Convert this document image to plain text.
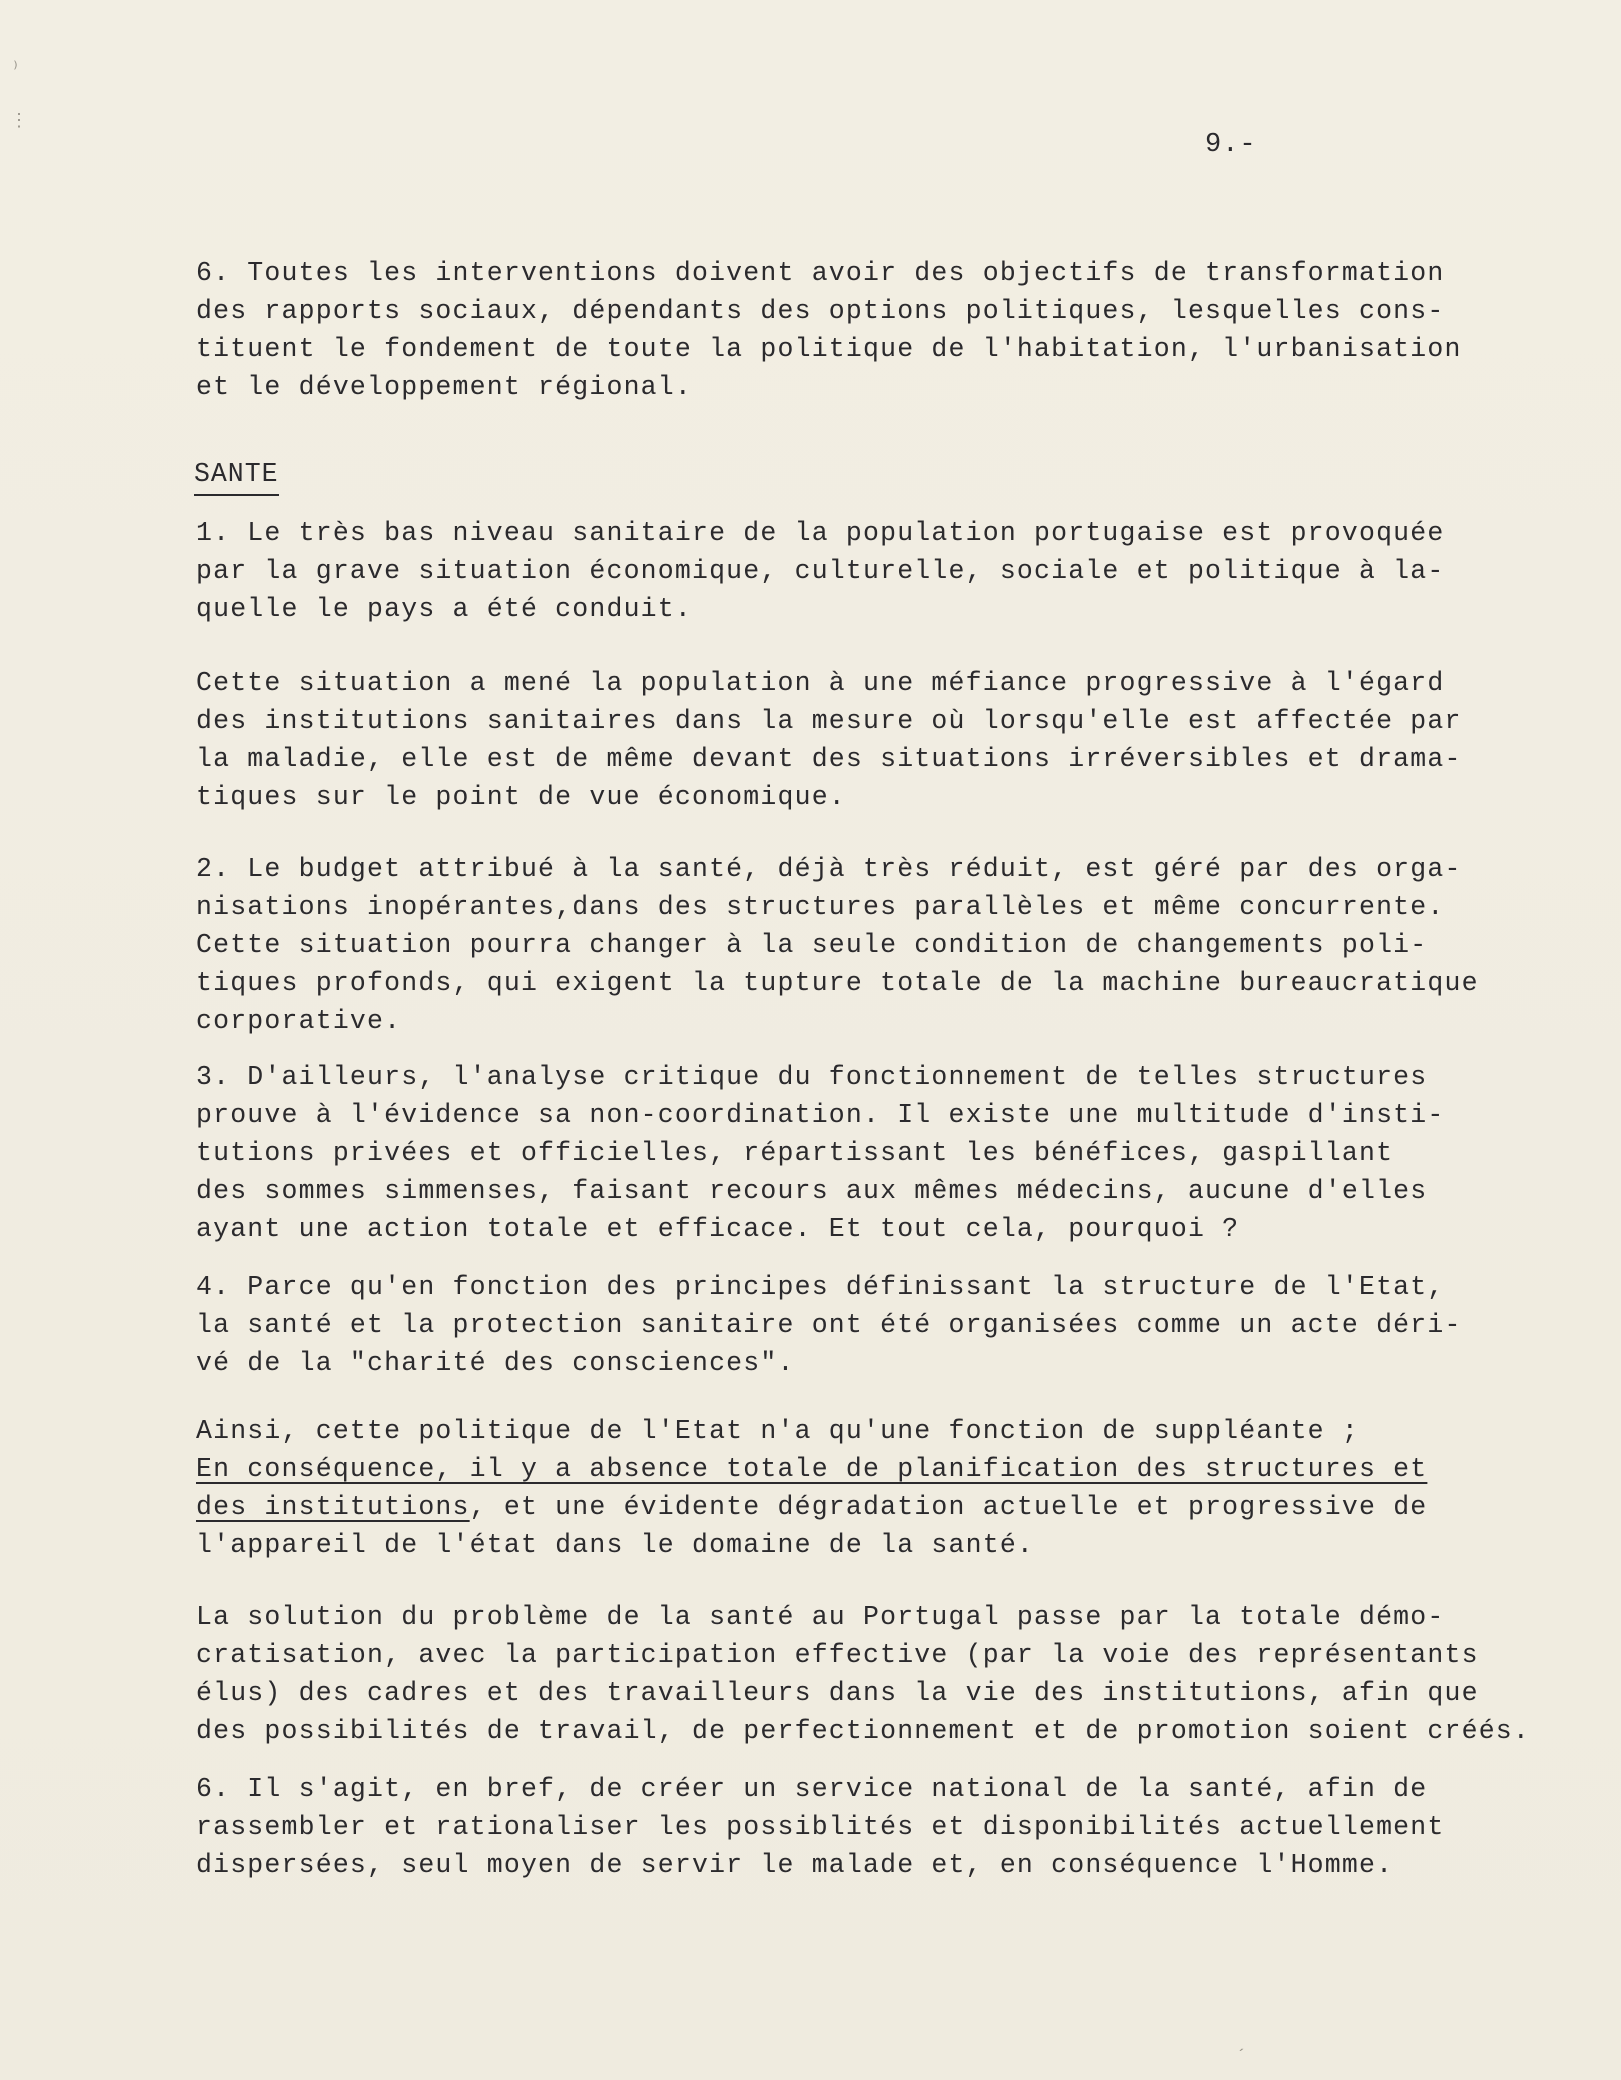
⁾
⋮
´
9.-

6. Toutes les interventions doivent avoir des objectifs de transformation
des rapports sociaux, dépendants des options politiques, lesquelles cons-
tituent le fondement de toute la politique de l'habitation, l'urbanisation
et le développement régional.

SANTE

1. Le très bas niveau sanitaire de la population portugaise est provoquée
par la grave situation économique, culturelle, sociale et politique à la-
quelle le pays a été conduit.

Cette situation a mené la population à une méfiance progressive à l'égard
des institutions sanitaires dans la mesure où lorsqu'elle est affectée par
la maladie, elle est de même devant des situations irréversibles et drama-
tiques sur le point de vue économique.

2. Le budget attribué à la santé, déjà très réduit, est géré par des orga-
nisations inopérantes,dans des structures parallèles et même concurrente.
Cette situation pourra changer à la seule condition de changements poli-
tiques profonds, qui exigent la tupture totale de la machine bureaucratique
corporative.

3. D'ailleurs, l'analyse critique du fonctionnement de telles structures
prouve à l'évidence sa non-coordination. Il existe une multitude d'insti-
tutions privées et officielles, répartissant les bénéfices, gaspillant
des sommes simmenses, faisant recours aux mêmes médecins, aucune d'elles
ayant une action totale et efficace. Et tout cela, pourquoi ?

4. Parce qu'en fonction des principes définissant la structure de l'Etat,
la santé et la protection sanitaire ont été organisées comme un acte déri-
vé de la "charité des consciences".

Ainsi, cette politique de l'Etat n'a qu'une fonction de suppléante ;
En conséquence, il y a absence totale de planification des structures et
des institutions, et une évidente dégradation actuelle et progressive de
l'appareil de l'état dans le domaine de la santé.

La solution du problème de la santé au Portugal passe par la totale démo-
cratisation, avec la participation effective (par la voie des représentants
élus) des cadres et des travailleurs dans la vie des institutions, afin que
des possibilités de travail, de perfectionnement et de promotion soient créés.

6. Il s'agit, en bref, de créer un service national de la santé, afin de
rassembler et rationaliser les possiblités et disponibilités actuellement
dispersées, seul moyen de servir le malade et, en conséquence l'Homme.
